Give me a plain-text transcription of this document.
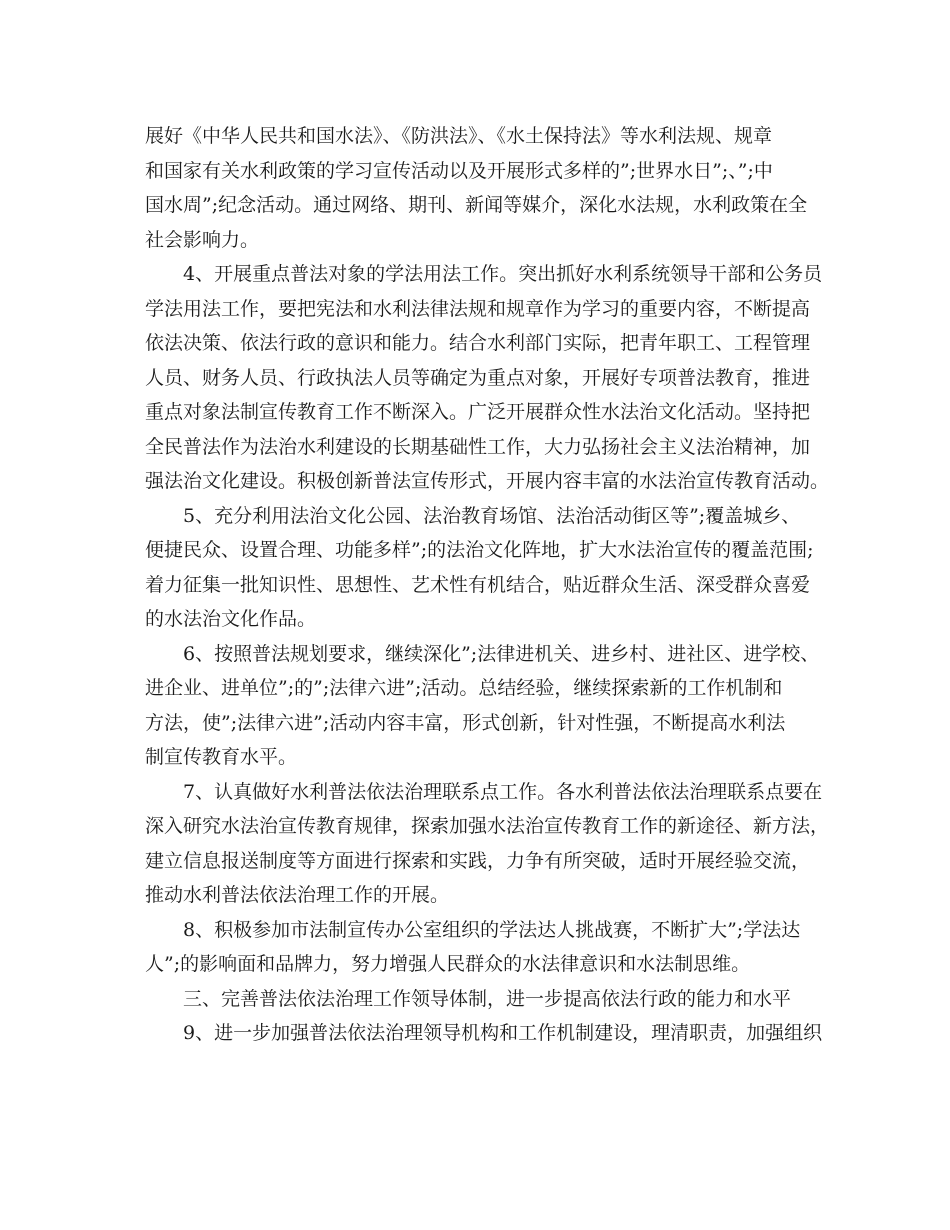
展好《中华人民共和国水法》、《防洪法》、《水土保持法》等水利法规、规章
和国家有关水利政策的学习宣传活动以及开展形式多样的”;世界水日”;、”;中
国水周”;纪念活动。通过网络、期刊、新闻等媒介，深化水法规，水利政策在全
社会影响力。
4、开展重点普法对象的学法用法工作。突出抓好水利系统领导干部和公务员
学法用法工作，要把宪法和水利法律法规和规章作为学习的重要内容，不断提高
依法决策、依法行政的意识和能力。结合水利部门实际，把青年职工、工程管理
人员、财务人员、行政执法人员等确定为重点对象，开展好专项普法教育，推进
重点对象法制宣传教育工作不断深入。广泛开展群众性水法治文化活动。坚持把
全民普法作为法治水利建设的长期基础性工作，大力弘扬社会主义法治精神，加
强法治文化建设。积极创新普法宣传形式，开展内容丰富的水法治宣传教育活动。
5、充分利用法治文化公园、法治教育场馆、法治活动街区等”;覆盖城乡、
便捷民众、设置合理、功能多样”;的法治文化阵地，扩大水法治宣传的覆盖范围;
着力征集一批知识性、思想性、艺术性有机结合，贴近群众生活、深受群众喜爱
的水法治文化作品。
6、按照普法规划要求，继续深化”;法律进机关、进乡村、进社区、进学校、
进企业、进单位”;的”;法律六进”;活动。总结经验，继续探索新的工作机制和
方法，使”;法律六进”;活动内容丰富，形式创新，针对性强，不断提高水利法
制宣传教育水平。
7、认真做好水利普法依法治理联系点工作。各水利普法依法治理联系点要在
深入研究水法治宣传教育规律，探索加强水法治宣传教育工作的新途径、新方法，
建立信息报送制度等方面进行探索和实践，力争有所突破，适时开展经验交流，
推动水利普法依法治理工作的开展。
8、积极参加市法制宣传办公室组织的学法达人挑战赛，不断扩大”;学法达
人”;的影响面和品牌力，努力增强人民群众的水法律意识和水法制思维。
三、完善普法依法治理工作领导体制，进一步提高依法行政的能力和水平
9、进一步加强普法依法治理领导机构和工作机制建设，理清职责，加强组织
